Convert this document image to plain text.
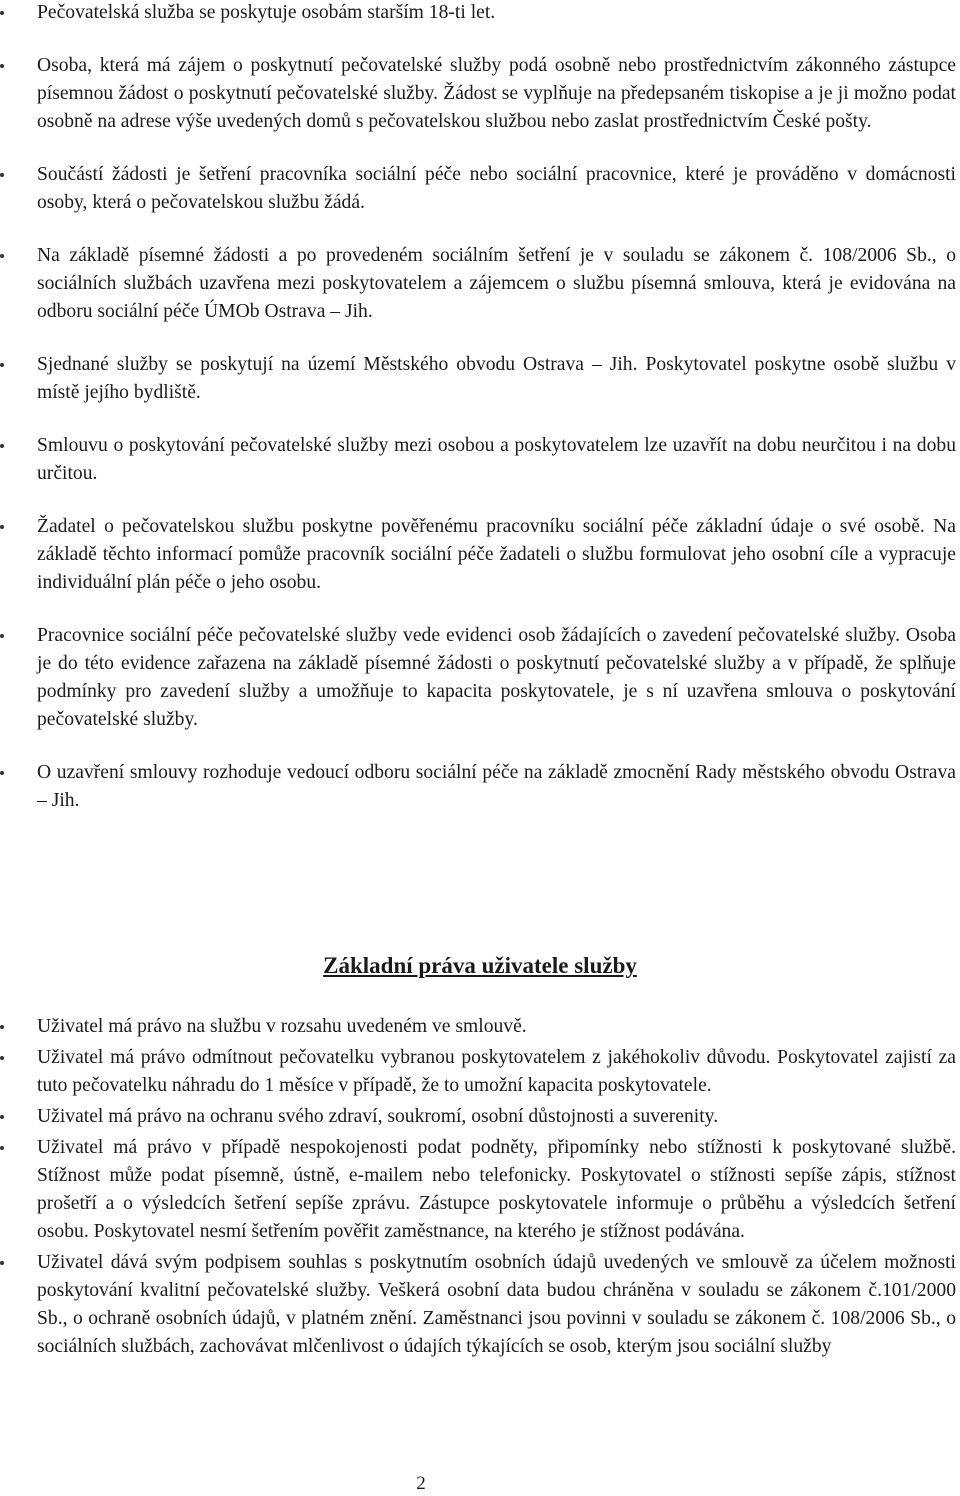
Pečovatelská služba se poskytuje osobám starším 18-ti let.
Osoba, která má zájem o poskytnutí pečovatelské služby podá osobně nebo prostřednictvím zákonného zástupce písemnou žádost o poskytnutí pečovatelské služby. Žádost se vyplňuje na předepsaném tiskopise a je ji možno podat osobně na adrese výše uvedených domů s pečovatelskou službou nebo zaslat prostřednictvím České pošty.
Součástí žádosti je šetření pracovníka sociální péče nebo sociální pracovnice, které je prováděno v domácnosti osoby, která o pečovatelskou službu žádá.
Na základě písemné žádosti a po provedeném sociálním šetření je v souladu se zákonem č. 108/2006 Sb., o sociálních službách uzavřena mezi poskytovatelem a zájemcem o službu písemná smlouva, která je evidována na odboru sociální péče ÚMOb Ostrava – Jih.
Sjednané služby se poskytují na území Městského obvodu Ostrava – Jih. Poskytovatel poskytne osobě službu v místě jejího bydliště.
Smlouvu o poskytování pečovatelské služby mezi osobou a poskytovatelem lze uzavřít na dobu neurčitou i na dobu určitou.
Žadatel o pečovatelskou službu poskytne pověřenému pracovníku sociální péče základní údaje o své osobě. Na základě těchto informací pomůže pracovník sociální péče žadateli o službu formulovat jeho osobní cíle a vypracuje individuální plán péče o jeho osobu.
Pracovnice sociální péče pečovatelské služby vede evidenci osob žádajících o zavedení pečovatelské služby. Osoba je do této evidence zařazena na základě písemné žádosti o poskytnutí pečovatelské služby a v případě, že splňuje podmínky pro zavedení služby a umožňuje to kapacita poskytovatele, je s ní uzavřena smlouva o poskytování pečovatelské služby.
O uzavření smlouvy rozhoduje vedoucí odboru sociální péče na základě zmocnění Rady městského obvodu Ostrava – Jih.
Základní práva uživatele služby
Uživatel má právo na službu v rozsahu uvedeném ve smlouvě.
Uživatel má právo odmítnout pečovatelku vybranou poskytovatelem z jakéhokoliv důvodu. Poskytovatel zajistí za tuto pečovatelku náhradu do 1 měsíce v případě, že to umožní kapacita poskytovatele.
Uživatel má právo na ochranu svého zdraví, soukromí, osobní důstojnosti a suverenity.
Uživatel má právo v případě nespokojenosti podat podněty, připomínky nebo stížnosti k poskytované službě. Stížnost může podat písemně, ústně, e-mailem nebo telefonicky. Poskytovatel o stížnosti sepíše zápis, stížnost prošetří a o výsledcích šetření sepíše zprávu. Zástupce poskytovatele informuje o průběhu a výsledcích šetření osobu. Poskytovatel nesmí šetřením pověřit zaměstnance, na kterého je stížnost podávána.
Uživatel dává svým podpisem souhlas s poskytnutím osobních údajů uvedených ve smlouvě za účelem možnosti poskytování kvalitní pečovatelské služby. Veškerá osobní data budou chráněna v souladu se zákonem č.101/2000 Sb., o ochraně osobních údajů, v platném znění. Zaměstnanci jsou povinni v souladu se zákonem č. 108/2006 Sb., o sociálních službách, zachovávat mlčenlivost o údajích týkajících se osob, kterým jsou sociální služby
2
